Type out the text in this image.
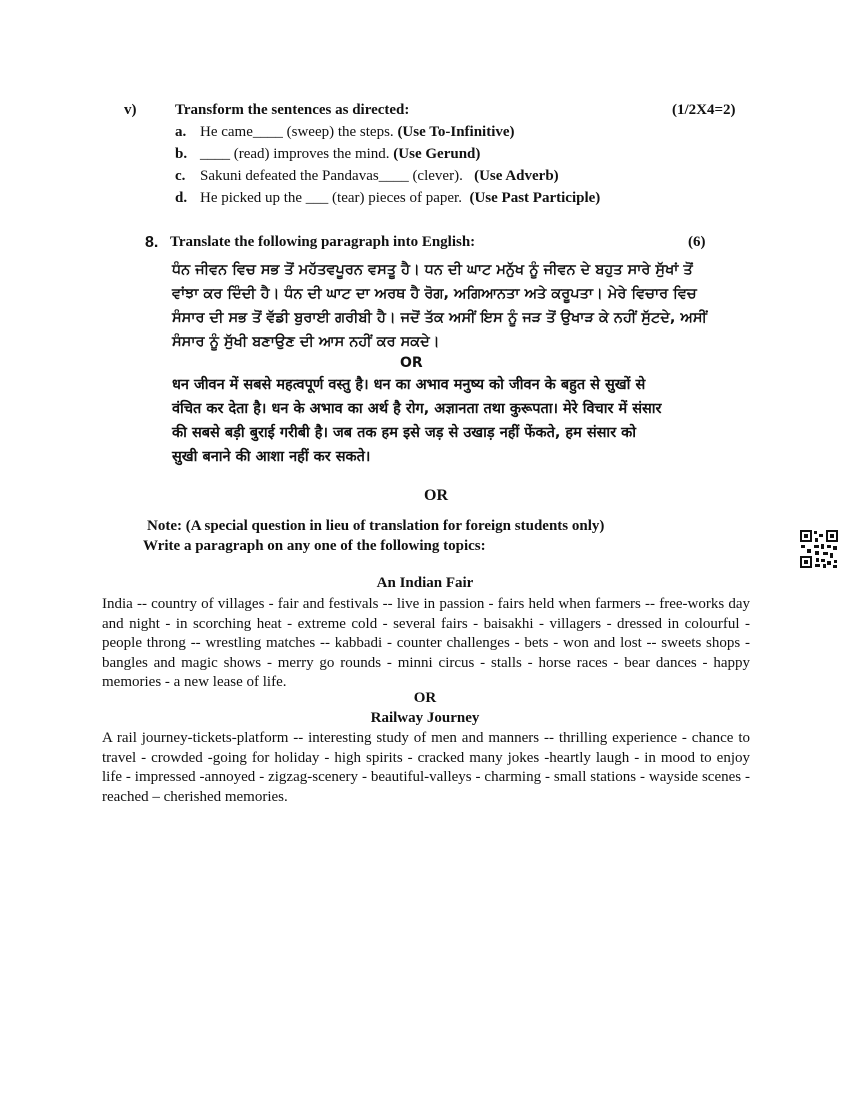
v)	Transform the sentences as directed:	(1/2X4=2)
a. He came____ (sweep) the steps. (Use To-Infinitive)
b. ____ (read) improves the mind. (Use Gerund)
c. Sakuni defeated the Pandavas____ (clever). (Use Adverb)
d. He picked up the ___ (tear) pieces of paper. (Use Past Participle)
8. Translate the following paragraph into English:	(6)
ਧੰਨ ਜੀਵਨ ਵਿਚ ਸਭ ਤੋਂ ਮਹੱਤਵਪੂਰਨ ਵਸਤੂ ਹੈ। ਧਨ ਦੀ ਘਾਟ ਮਨੁੱਖ ਨੂੰ ਜੀਵਨ ਦੇ ਬਹੁਤ ਸਾਰੇ ਸੁੱਖਾਂ ਤੋਂ
ਵਾਂਝਾ ਕਰ ਦਿੰਦੀ ਹੈ। ਧੰਨ ਦੀ ਘਾਟ ਦਾ ਅਰਥ ਹੈ ਰੋਗ, ਅਗਿਆਨਤਾ ਅਤੇ ਕਰੂਪਤਾ। ਮੇਰੇ ਵਿਚਾਰ ਵਿਚ
ਸੰਸਾਰ ਦੀ ਸਭ ਤੋਂ ਵੱਡੀ ਬੁਰਾਈ ਗਰੀਬੀ ਹੈ। ਜਦੋਂ ਤੱਕ ਅਸੀਂ ਇਸ ਨੂੰ ਜੜ ਤੋਂ ਉਖਾੜ ਕੇ ਨਹੀਂ ਸੁੱਟਦੇ, ਅਸੀਂ
ਸੰਸਾਰ ਨੂੰ ਸੁੱਖੀ ਬਣਾਉਣ ਦੀ ਆਸ ਨਹੀਂ ਕਰ ਸਕਦੇ।
OR
धन जीवन में सबसे महत्वपूर्ण वस्तु है। धन का अभाव मनुष्य को जीवन के बहुत से सुखों से
वंचित कर देता है। धन के अभाव का अर्थ है रोग, अज्ञानता तथा कुरूपता। मेरे विचार में संसार
की सबसे बड़ी बुराई गरीबी है। जब तक हम इसे जड़ से उखाड़ नहीं फेंकते, हम संसार को
सुखी बनाने की आशा नहीं कर सकते।
OR
Note: (A special question in lieu of translation for foreign students only)
Write a paragraph on any one of the following topics:
An Indian Fair
India -- country of villages - fair and festivals -- live in passion - fairs held when farmers -- free-works day and night - in scorching heat - extreme cold - several fairs - baisakhi - villagers - dressed in colourful - people throng -- wrestling matches -- kabbadi - counter challenges - bets - won and lost -- sweets shops - bangles and magic shows - merry go rounds - minni circus - stalls - horse races - bear dances - happy memories - a new lease of life.
OR
Railway Journey
A rail journey-tickets-platform -- interesting study of men and manners -- thrilling experience - chance to travel - crowded -going for holiday - high spirits - cracked many jokes -heartly laugh - in mood to enjoy life - impressed -annoyed - zigzag-scenery - beautiful-valleys - charming - small stations - wayside scenes - reached – cherished memories.
